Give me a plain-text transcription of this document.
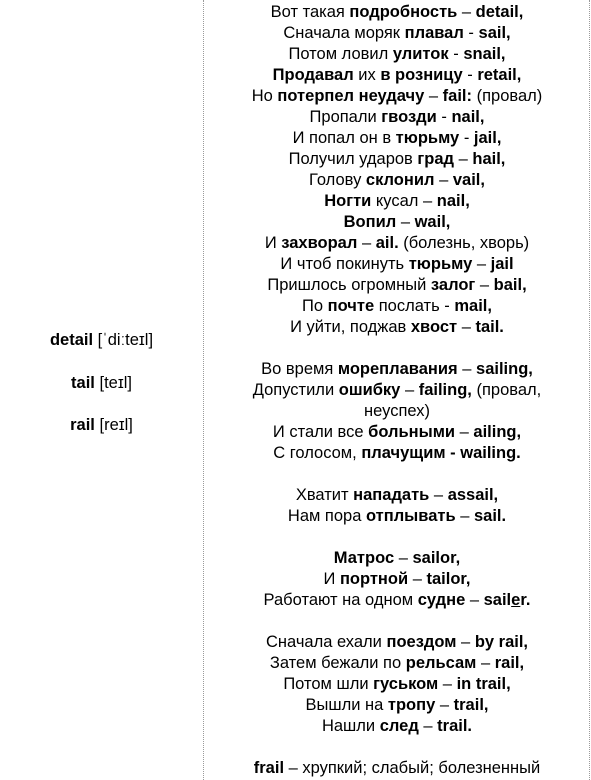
detail [ˈdiːteɪl]
tail [teɪl]
rail [reɪl]
Вот такая подробность – detail,
Сначала моряк плавал - sail,
Потом ловил улиток - snail,
Продавал их в розницу - retail,
Но потерпел неудачу – fail: (провал)
Пропали гвозди - nail,
И попал он в тюрьму - jail,
Получил ударов град – hail,
Голову склонил – vail,
Ногти кусал – nail,
Вопил – wail,
И захворал – ail. (болезнь, хворь)
И чтоб покинуть тюрьму – jail
Пришлось огромный залог – bail,
По почте послать - mail,
И уйти, поджав хвост – tail.
Во время мореплавания – sailing,
Допустили ошибку – failing, (провал,
неуспех)
И стали все больными – ailing,
С голосом, плачущим - wailing.
Хватит нападать – assail,
Нам пора отплывать – sail.
Матрос – sailor,
И портной – tailor,
Работают на одном судне – sailer.
Сначала ехали поездом – by rail,
Затем бежали по рельсам – rail,
Потом шли гуськом – in trail,
Вышли на тропу – trail,
Нашли след – trail.
frail – хрупкий; слабый; болезненный
